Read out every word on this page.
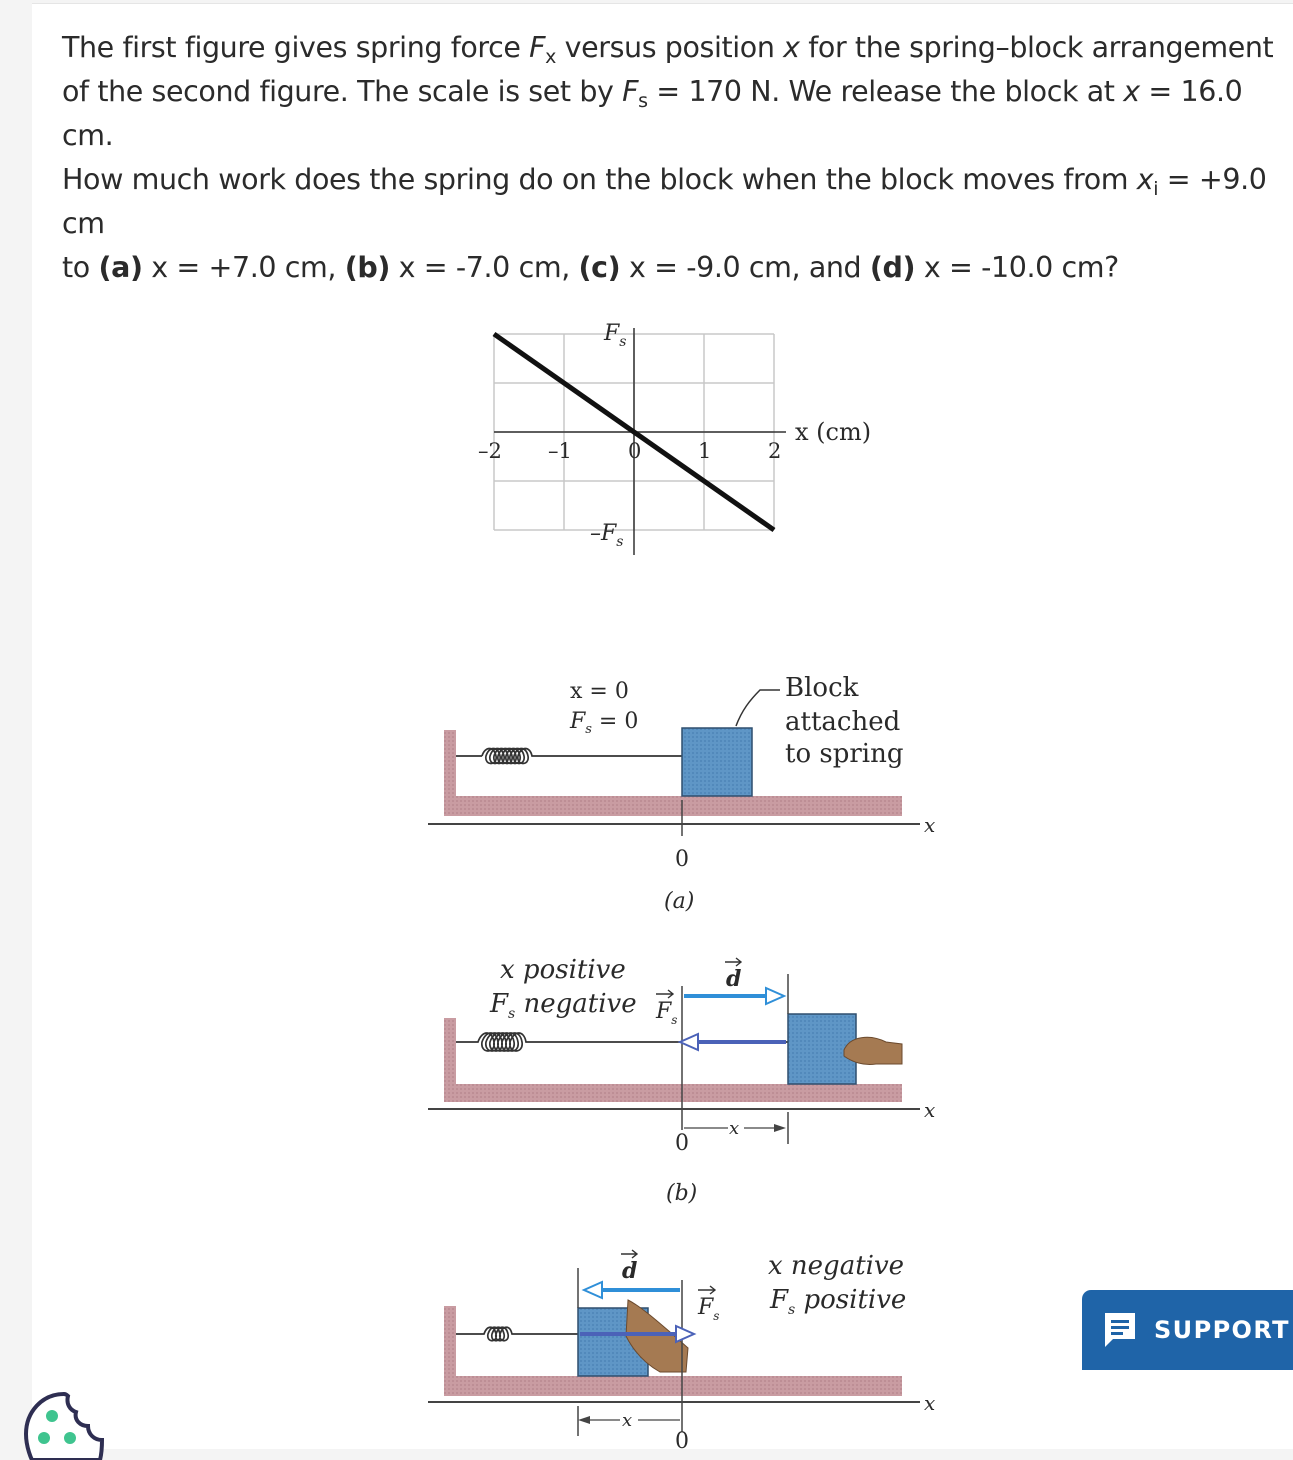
The first figure gives spring force $F_x$ versus position x for the spring–block arrangement
of the second figure. The scale is set by $F_s = 170$ N. We release the block at x = 16.0 cm.
How much work does the spring do on the block when the block moves from $x_i = +9.0$ cm
to (a) x = +7.0 cm, (b) x = -7.0 cm, (c) x = -9.0 cm, and (d) x = -10.0 cm?
–2 –1	0	1	2
$F_s$
$-F_s$
x (cm)
x = 0
$F_s = 0$
Block
attached
to spring
0
x
(a)
x positive
$F_s$ negative
d
$F_s$
0
x
x
(b)
x negative
$F_s$ positive
d
$F_s$
0
x
x
SUPPORT
